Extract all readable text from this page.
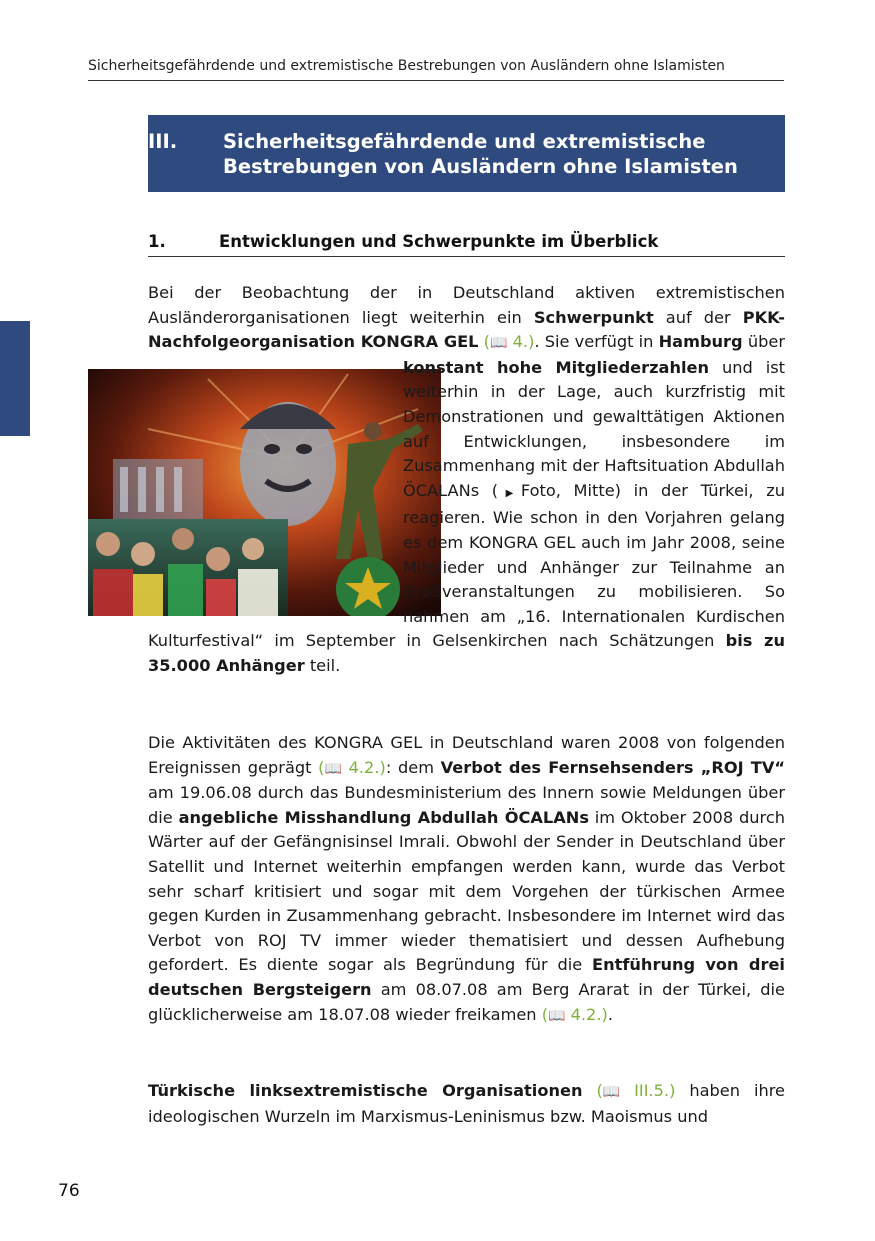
Sicherheitsgefährdende und extremistische Bestrebungen von Ausländern ohne Islamisten
III. Sicherheitsgefährdende und extremistische Bestrebungen von Ausländern ohne Islamisten
1.	Entwicklungen und Schwerpunkte im Überblick
Bei der Beobachtung der in Deutschland aktiven extremistischen Ausländerorganisationen liegt weiterhin ein Schwerpunkt auf der PKK-Nachfolgeorganisation KONGRA GEL (📖 4.). Sie verfügt in Hamburg
über konstant hohe Mitgliederzahlen und ist weiterhin in der Lage, auch kurzfristig mit Demonstrationen und gewalttätigen Aktionen auf Entwicklungen, insbesondere im Zusammenhang mit der Haftsituation Abdullah ÖCALANs (▶Foto, Mitte) in der Türkei, zu reagieren. Wie schon in den Vorjahren gelang es dem KONGRA GEL auch im Jahr 2008, seine Mitglieder und Anhänger zur Teilnahme an Großveranstaltungen zu mobilisieren. So nahmen am „16. Internationalen Kurdischen Kulturfestival“ im September in Gelsenkirchen nach Schätzungen bis zu 35.000 Anhänger teil.
Die Aktivitäten des KONGRA GEL in Deutschland waren 2008 von folgenden Ereignissen geprägt (📖 4.2.): dem Verbot des Fernsehsenders „ROJ TV“ am 19.06.08 durch das Bundesministerium des Innern sowie Meldungen über die angebliche Misshandlung Abdullah ÖCALANs im Oktober 2008 durch Wärter auf der Gefängnisinsel Imrali. Obwohl der Sender in Deutschland über Satellit und Internet weiterhin empfangen werden kann, wurde das Verbot sehr scharf kritisiert und sogar mit dem Vorgehen der türkischen Armee gegen Kurden in Zusammenhang gebracht. Insbesondere im Internet wird das Verbot von ROJ TV immer wieder thematisiert und dessen Aufhebung gefordert. Es diente sogar als Begründung für die Entführung von drei deutschen Bergsteigern am 08.07.08 am Berg Ararat in der Türkei, die glücklicherweise am 18.07.08 wieder freikamen (📖 4.2.).
Türkische linksextremistische Organisationen (📖 III.5.) haben ihre ideologischen Wurzeln im Marxismus-Leninismus bzw. Maoismus und
76
